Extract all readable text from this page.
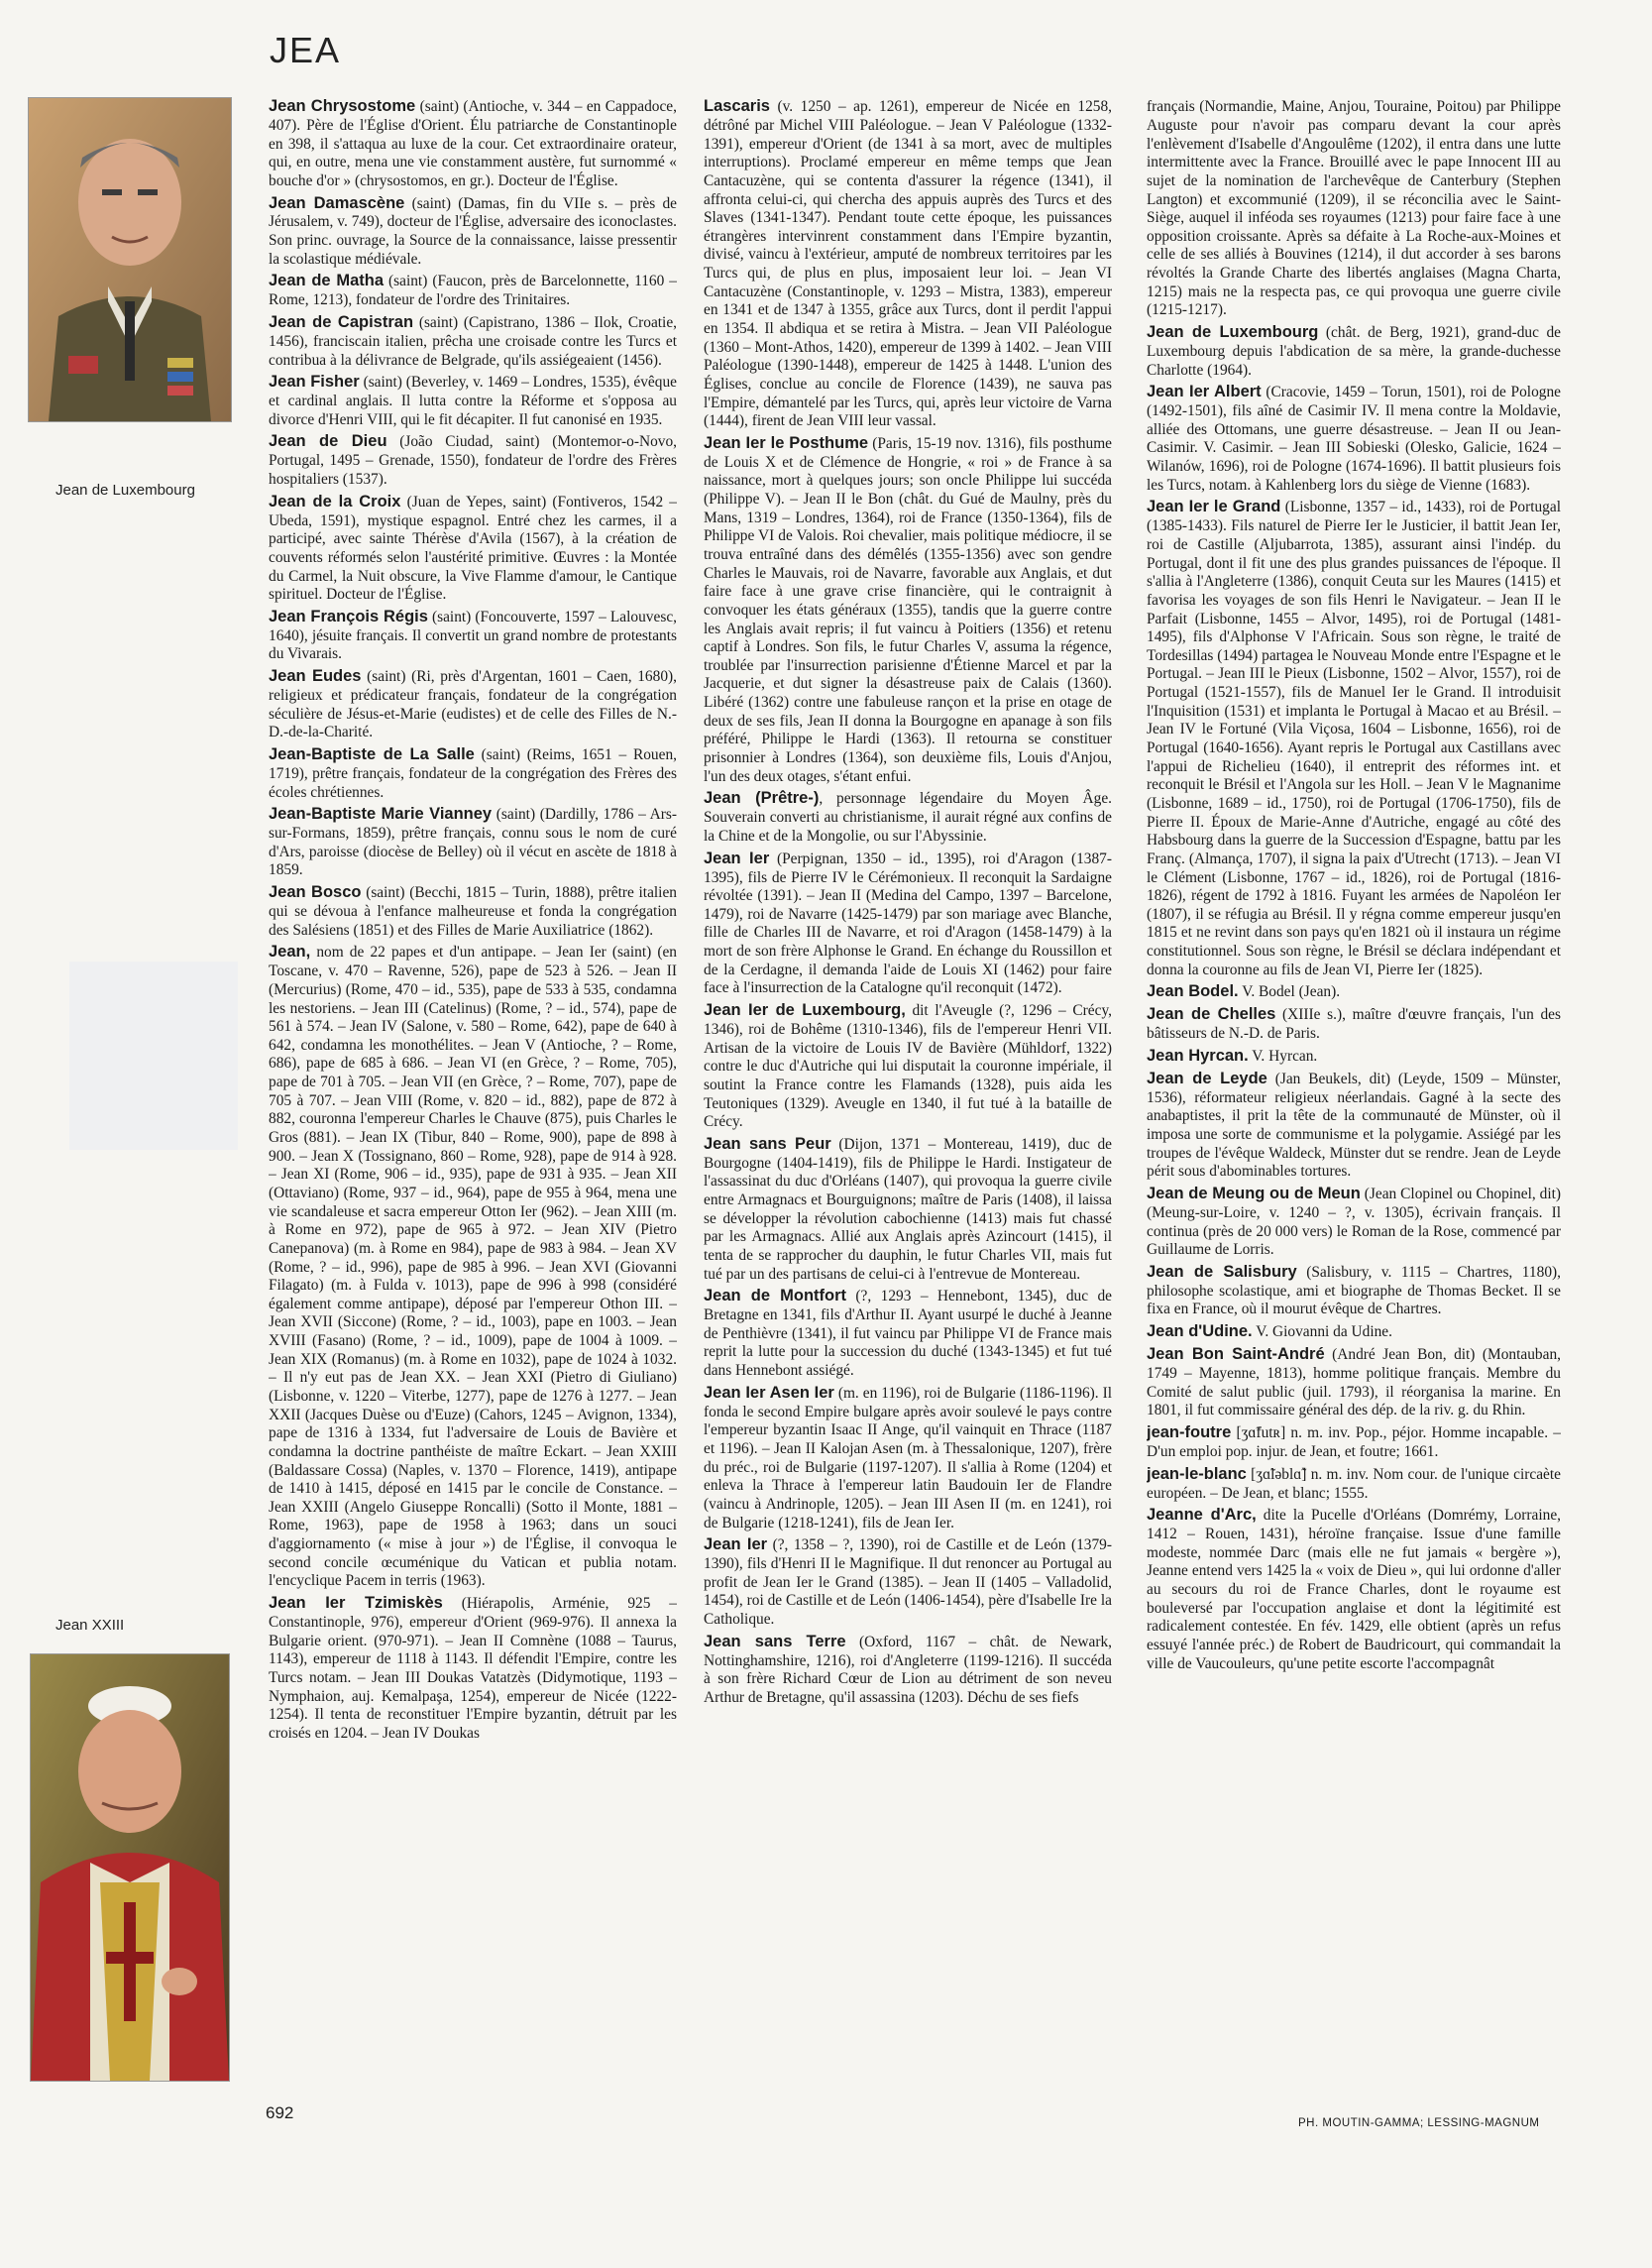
JEA
Jean de Luxembourg
Jean XXIII

Jean Chrysostome (saint) (Antioche, v. 344 – en Cappadoce, 407). Père de l'Église d'Orient. Élu patriarche de Constantinople en 398, il s'attaqua au luxe de la cour. Cet extraordinaire orateur, qui, en outre, mena une vie constamment austère, fut surnommé « bouche d'or » (chrysostomos, en gr.). Docteur de l'Église.

Jean Damascène (saint) (Damas, fin du VIIe s. – près de Jérusalem, v. 749), docteur de l'Église, adversaire des iconoclastes. Son princ. ouvrage, la Source de la connaissance, laisse pressentir la scolastique médiévale.

Jean de Matha (saint) (Faucon, près de Barcelonnette, 1160 – Rome, 1213), fondateur de l'ordre des Trinitaires.

Jean de Capistran (saint) (Capistrano, 1386 – Ilok, Croatie, 1456), franciscain italien, prêcha une croisade contre les Turcs et contribua à la délivrance de Belgrade, qu'ils assiégeaient (1456).

Jean Fisher (saint) (Beverley, v. 1469 – Londres, 1535), évêque et cardinal anglais. Il lutta contre la Réforme et s'opposa au divorce d'Henri VIII, qui le fit décapiter. Il fut canonisé en 1935.

Jean de Dieu (João Ciudad, saint) (Montemor-o-Novo, Portugal, 1495 – Grenade, 1550), fondateur de l'ordre des Frères hospitaliers (1537).

Jean de la Croix (Juan de Yepes, saint) (Fontiveros, 1542 – Ubeda, 1591), mystique espagnol. Entré chez les carmes, il a participé, avec sainte Thérèse d'Avila (1567), à la création de couvents réformés selon l'austérité primitive. Œuvres : la Montée du Carmel, la Nuit obscure, la Vive Flamme d'amour, le Cantique spirituel. Docteur de l'Église.

Jean François Régis (saint) (Foncouverte, 1597 – Lalouvesc, 1640), jésuite français. Il convertit un grand nombre de protestants du Vivarais.

Jean Eudes (saint) (Ri, près d'Argentan, 1601 – Caen, 1680), religieux et prédicateur français, fondateur de la congrégation séculière de Jésus-et-Marie (eudistes) et de celle des Filles de N.-D.-de-la-Charité.

Jean-Baptiste de La Salle (saint) (Reims, 1651 – Rouen, 1719), prêtre français, fondateur de la congrégation des Frères des écoles chrétiennes.

Jean-Baptiste Marie Vianney (saint) (Dardilly, 1786 – Ars-sur-Formans, 1859), prêtre français, connu sous le nom de curé d'Ars, paroisse (diocèse de Belley) où il vécut en ascète de 1818 à 1859.

Jean Bosco (saint) (Becchi, 1815 – Turin, 1888), prêtre italien qui se dévoua à l'enfance malheureuse et fonda la congrégation des Salésiens (1851) et des Filles de Marie Auxiliatrice (1862).

Jean, nom de 22 papes et d'un antipape. – Jean Ier (saint) (en Toscane, v. 470 – Ravenne, 526), pape de 523 à 526. – Jean II (Mercurius) (Rome, 470 – id., 535), pape de 533 à 535, condamna les nestoriens. – Jean III (Catelinus) (Rome, ? – id., 574), pape de 561 à 574. – Jean IV (Salone, v. 580 – Rome, 642), pape de 640 à 642, condamna les monothélites. – Jean V (Antioche, ? – Rome, 686), pape de 685 à 686. – Jean VI (en Grèce, ? – Rome, 705), pape de 701 à 705. – Jean VII (en Grèce, ? – Rome, 707), pape de 705 à 707. – Jean VIII (Rome, v. 820 – id., 882), pape de 872 à 882, couronna l'empereur Charles le Chauve (875), puis Charles le Gros (881). – Jean IX (Tibur, 840 – Rome, 900), pape de 898 à 900. – Jean X (Tossignano, 860 – Rome, 928), pape de 914 à 928. – Jean XI (Rome, 906 – id., 935), pape de 931 à 935. – Jean XII (Ottaviano) (Rome, 937 – id., 964), pape de 955 à 964, mena une vie scandaleuse et sacra empereur Otton Ier (962). – Jean XIII (m. à Rome en 972), pape de 965 à 972. – Jean XIV (Pietro Canepanova) (m. à Rome en 984), pape de 983 à 984. – Jean XV (Rome, ? – id., 996), pape de 985 à 996. – Jean XVI (Giovanni Filagato) (m. à Fulda v. 1013), pape de 996 à 998 (considéré également comme antipape), déposé par l'empereur Othon III. – Jean XVII (Siccone) (Rome, ? – id., 1003), pape en 1003. – Jean XVIII (Fasano) (Rome, ? – id., 1009), pape de 1004 à 1009. – Jean XIX (Romanus) (m. à Rome en 1032), pape de 1024 à 1032. – Il n'y eut pas de Jean XX. – Jean XXI (Pietro di Giuliano) (Lisbonne, v. 1220 – Viterbe, 1277), pape de 1276 à 1277. – Jean XXII (Jacques Duèse ou d'Euze) (Cahors, 1245 – Avignon, 1334), pape de 1316 à 1334, fut l'adversaire de Louis de Bavière et condamna la doctrine panthéiste de maître Eckart. – Jean XXIII (Baldassare Cossa) (Naples, v. 1370 – Florence, 1419), antipape de 1410 à 1415, déposé en 1415 par le concile de Constance. – Jean XXIII (Angelo Giuseppe Roncalli) (Sotto il Monte, 1881 – Rome, 1963), pape de 1958 à 1963; dans un souci d'aggiornamento (« mise à jour ») de l'Église, il convoqua le second concile œcuménique du Vatican et publia notam. l'encyclique Pacem in terris (1963).

Jean Ier Tzimiskès (Hiérapolis, Arménie, 925 – Constantinople, 976), empereur d'Orient (969-976). Il annexa la Bulgarie orient. (970-971). – Jean II Comnène (1088 – Taurus, 1143), empereur de 1118 à 1143. Il défendit l'Empire, contre les Turcs notam. – Jean III Doukas Vatatzès (Didymotique, 1193 – Nymphaion, auj. Kemalpaşa, 1254), empereur de Nicée (1222-1254). Il tenta de reconstituer l'Empire byzantin, détruit par les croisés en 1204. – Jean IV Doukas

Lascaris (v. 1250 – ap. 1261), empereur de Nicée en 1258, détrôné par Michel VIII Paléologue. – Jean V Paléologue (1332-1391), empereur d'Orient (de 1341 à sa mort, avec de multiples interruptions). Proclamé empereur en même temps que Jean Cantacuzène, qui se contenta d'assurer la régence (1341), il affronta celui-ci, qui chercha des appuis auprès des Turcs et des Slaves (1341-1347). Pendant toute cette époque, les puissances étrangères intervinrent constamment dans l'Empire byzantin, divisé, vaincu à l'extérieur, amputé de nombreux territoires par les Turcs qui, de plus en plus, imposaient leur loi. – Jean VI Cantacuzène (Constantinople, v. 1293 – Mistra, 1383), empereur en 1341 et de 1347 à 1355, grâce aux Turcs, dont il perdit l'appui en 1354. Il abdiqua et se retira à Mistra. – Jean VII Paléologue (1360 – Mont-Athos, 1420), empereur de 1399 à 1402. – Jean VIII Paléologue (1390-1448), empereur de 1425 à 1448. L'union des Églises, conclue au concile de Florence (1439), ne sauva pas l'Empire, démantelé par les Turcs, qui, après leur victoire de Varna (1444), firent de Jean VIII leur vassal.

Jean Ier le Posthume (Paris, 15-19 nov. 1316), fils posthume de Louis X et de Clémence de Hongrie, « roi » de France à sa naissance, mort à quelques jours; son oncle Philippe lui succéda (Philippe V). – Jean II le Bon (chât. du Gué de Maulny, près du Mans, 1319 – Londres, 1364), roi de France (1350-1364), fils de Philippe VI de Valois. Roi chevalier, mais politique médiocre, il se trouva entraîné dans des démêlés (1355-1356) avec son gendre Charles le Mauvais, roi de Navarre, favorable aux Anglais, et dut faire face à une grave crise financière, qui le contraignit à convoquer les états généraux (1355), tandis que la guerre contre les Anglais avait repris; il fut vaincu à Poitiers (1356) et retenu captif à Londres. Son fils, le futur Charles V, assuma la régence, troublée par l'insurrection parisienne d'Étienne Marcel et par la Jacquerie, et dut signer la désastreuse paix de Calais (1360). Libéré (1362) contre une fabuleuse rançon et la prise en otage de deux de ses fils, Jean II donna la Bourgogne en apanage à son fils préféré, Philippe le Hardi (1363). Il retourna se constituer prisonnier à Londres (1364), son deuxième fils, Louis d'Anjou, l'un des deux otages, s'étant enfui.

Jean (Prêtre-), personnage légendaire du Moyen Âge. Souverain converti au christianisme, il aurait régné aux confins de la Chine et de la Mongolie, ou sur l'Abyssinie.

Jean Ier (Perpignan, 1350 – id., 1395), roi d'Aragon (1387-1395), fils de Pierre IV le Cérémonieux. Il reconquit la Sardaigne révoltée (1391). – Jean II (Medina del Campo, 1397 – Barcelone, 1479), roi de Navarre (1425-1479) par son mariage avec Blanche, fille de Charles III de Navarre, et roi d'Aragon (1458-1479) à la mort de son frère Alphonse le Grand. En échange du Roussillon et de la Cerdagne, il demanda l'aide de Louis XI (1462) pour faire face à l'insurrection de la Catalogne qu'il reconquit (1472).

Jean Ier de Luxembourg, dit l'Aveugle (?, 1296 – Crécy, 1346), roi de Bohême (1310-1346), fils de l'empereur Henri VII. Artisan de la victoire de Louis IV de Bavière (Mühldorf, 1322) contre le duc d'Autriche qui lui disputait la couronne impériale, il soutint la France contre les Flamands (1328), puis aida les Teutoniques (1329). Aveugle en 1340, il fut tué à la bataille de Crécy.

Jean sans Peur (Dijon, 1371 – Montereau, 1419), duc de Bourgogne (1404-1419), fils de Philippe le Hardi. Instigateur de l'assassinat du duc d'Orléans (1407), qui provoqua la guerre civile entre Armagnacs et Bourguignons; maître de Paris (1408), il laissa se développer la révolution cabochienne (1413) mais fut chassé par les Armagnacs. Allié aux Anglais après Azincourt (1415), il tenta de se rapprocher du dauphin, le futur Charles VII, mais fut tué par un des partisans de celui-ci à l'entrevue de Montereau.

Jean de Montfort (?, 1293 – Hennebont, 1345), duc de Bretagne en 1341, fils d'Arthur II. Ayant usurpé le duché à Jeanne de Penthièvre (1341), il fut vaincu par Philippe VI de France mais reprit la lutte pour la succession du duché (1343-1345) et fut tué dans Hennebont assiégé.

Jean Ier Asen Ier (m. en 1196), roi de Bulgarie (1186-1196). Il fonda le second Empire bulgare après avoir soulevé le pays contre l'empereur byzantin Isaac II Ange, qu'il vainquit en Thrace (1187 et 1196). – Jean II Kalojan Asen (m. à Thessalonique, 1207), frère du préc., roi de Bulgarie (1197-1207). Il s'allia à Rome (1204) et enleva la Thrace à l'empereur latin Baudouin Ier de Flandre (vaincu à Andrinople, 1205). – Jean III Asen II (m. en 1241), roi de Bulgarie (1218-1241), fils de Jean Ier.

Jean Ier (?, 1358 – ?, 1390), roi de Castille et de León (1379-1390), fils d'Henri II le Magnifique. Il dut renoncer au Portugal au profit de Jean Ier le Grand (1385). – Jean II (1405 – Valladolid, 1454), roi de Castille et de León (1406-1454), père d'Isabelle Ire la Catholique.

Jean sans Terre (Oxford, 1167 – chât. de Newark, Nottinghamshire, 1216), roi d'Angleterre (1199-1216). Il succéda à son frère Richard Cœur de Lion au détriment de son neveu Arthur de Bretagne, qu'il assassina (1203). Déchu de ses fiefs

français (Normandie, Maine, Anjou, Touraine, Poitou) par Philippe Auguste pour n'avoir pas comparu devant la cour après l'enlèvement d'Isabelle d'Angoulême (1202), il entra dans une lutte intermittente avec la France. Brouillé avec le pape Innocent III au sujet de la nomination de l'archevêque de Canterbury (Stephen Langton) et excommunié (1209), il se réconcilia avec le Saint-Siège, auquel il inféoda ses royaumes (1213) pour faire face à une opposition croissante. Après sa défaite à La Roche-aux-Moines et celle de ses alliés à Bouvines (1214), il dut accorder à ses barons révoltés la Grande Charte des libertés anglaises (Magna Charta, 1215) mais ne la respecta pas, ce qui provoqua une guerre civile (1215-1217).

Jean de Luxembourg (chât. de Berg, 1921), grand-duc de Luxembourg depuis l'abdication de sa mère, la grande-duchesse Charlotte (1964).

Jean Ier Albert (Cracovie, 1459 – Torun, 1501), roi de Pologne (1492-1501), fils aîné de Casimir IV. Il mena contre la Moldavie, alliée des Ottomans, une guerre désastreuse. – Jean II ou Jean-Casimir. V. Casimir. – Jean III Sobieski (Olesko, Galicie, 1624 – Wilanów, 1696), roi de Pologne (1674-1696). Il battit plusieurs fois les Turcs, notam. à Kahlenberg lors du siège de Vienne (1683).

Jean Ier le Grand (Lisbonne, 1357 – id., 1433), roi de Portugal (1385-1433). Fils naturel de Pierre Ier le Justicier, il battit Jean Ier, roi de Castille (Aljubarrota, 1385), assurant ainsi l'indép. du Portugal, dont il fit une des plus grandes puissances de l'époque. Il s'allia à l'Angleterre (1386), conquit Ceuta sur les Maures (1415) et favorisa les voyages de son fils Henri le Navigateur. – Jean II le Parfait (Lisbonne, 1455 – Alvor, 1495), roi de Portugal (1481-1495), fils d'Alphonse V l'Africain. Sous son règne, le traité de Tordesillas (1494) partagea le Nouveau Monde entre l'Espagne et le Portugal. – Jean III le Pieux (Lisbonne, 1502 – Alvor, 1557), roi de Portugal (1521-1557), fils de Manuel Ier le Grand. Il introduisit l'Inquisition (1531) et implanta le Portugal à Macao et au Brésil. – Jean IV le Fortuné (Vila Viçosa, 1604 – Lisbonne, 1656), roi de Portugal (1640-1656). Ayant repris le Portugal aux Castillans avec l'appui de Richelieu (1640), il entreprit des réformes int. et reconquit le Brésil et l'Angola sur les Holl. – Jean V le Magnanime (Lisbonne, 1689 – id., 1750), roi de Portugal (1706-1750), fils de Pierre II. Époux de Marie-Anne d'Autriche, engagé au côté des Habsbourg dans la guerre de la Succession d'Espagne, battu par les Franç. (Almança, 1707), il signa la paix d'Utrecht (1713). – Jean VI le Clément (Lisbonne, 1767 – id., 1826), roi de Portugal (1816-1826), régent de 1792 à 1816. Fuyant les armées de Napoléon Ier (1807), il se réfugia au Brésil. Il y régna comme empereur jusqu'en 1815 et ne revint dans son pays qu'en 1821 où il instaura un régime constitutionnel. Sous son règne, le Brésil se déclara indépendant et donna la couronne au fils de Jean VI, Pierre Ier (1825).

Jean Bodel. V. Bodel (Jean).

Jean de Chelles (XIIIe s.), maître d'œuvre français, l'un des bâtisseurs de N.-D. de Paris.

Jean Hyrcan. V. Hyrcan.

Jean de Leyde (Jan Beukels, dit) (Leyde, 1509 – Münster, 1536), réformateur religieux néerlandais. Gagné à la secte des anabaptistes, il prit la tête de la communauté de Münster, où il imposa une sorte de communisme et la polygamie. Assiégé par les troupes de l'évêque Waldeck, Münster dut se rendre. Jean de Leyde périt sous d'abominables tortures.

Jean de Meung ou de Meun (Jean Clopinel ou Chopinel, dit) (Meung-sur-Loire, v. 1240 – ?, v. 1305), écrivain français. Il continua (près de 20 000 vers) le Roman de la Rose, commencé par Guillaume de Lorris.

Jean de Salisbury (Salisbury, v. 1115 – Chartres, 1180), philosophe scolastique, ami et biographe de Thomas Becket. Il se fixa en France, où il mourut évêque de Chartres.

Jean d'Udine. V. Giovanni da Udine.

Jean Bon Saint-André (André Jean Bon, dit) (Montauban, 1749 – Mayenne, 1813), homme politique français. Membre du Comité de salut public (juil. 1793), il réorganisa la marine. En 1801, il fut commissaire général des dép. de la riv. g. du Rhin.

jean-foutre [ʒɑ̃futʀ] n. m. inv. Pop., péjor. Homme incapable. – D'un emploi pop. injur. de Jean, et foutre; 1661.

jean-le-blanc [ʒɑ̃ləblɑ̃] n. m. inv. Nom cour. de l'unique circaète européen. – De Jean, et blanc; 1555.

Jeanne d'Arc, dite la Pucelle d'Orléans (Domrémy, Lorraine, 1412 – Rouen, 1431), héroïne française. Issue d'une famille modeste, nommée Darc (mais elle ne fut jamais « bergère »), Jeanne entend vers 1425 la « voix de Dieu », qui lui ordonne d'aller au secours du roi de France Charles, dont le royaume est bouleversé par l'occupation anglaise et dont la légitimité est radicalement contestée. En fév. 1429, elle obtient (après un refus essuyé l'année préc.) de Robert de Baudricourt, qui commandait la ville de Vaucouleurs, qu'une petite escorte l'accompagnât

692
PH. MOUTIN-GAMMA; LESSING-MAGNUM
